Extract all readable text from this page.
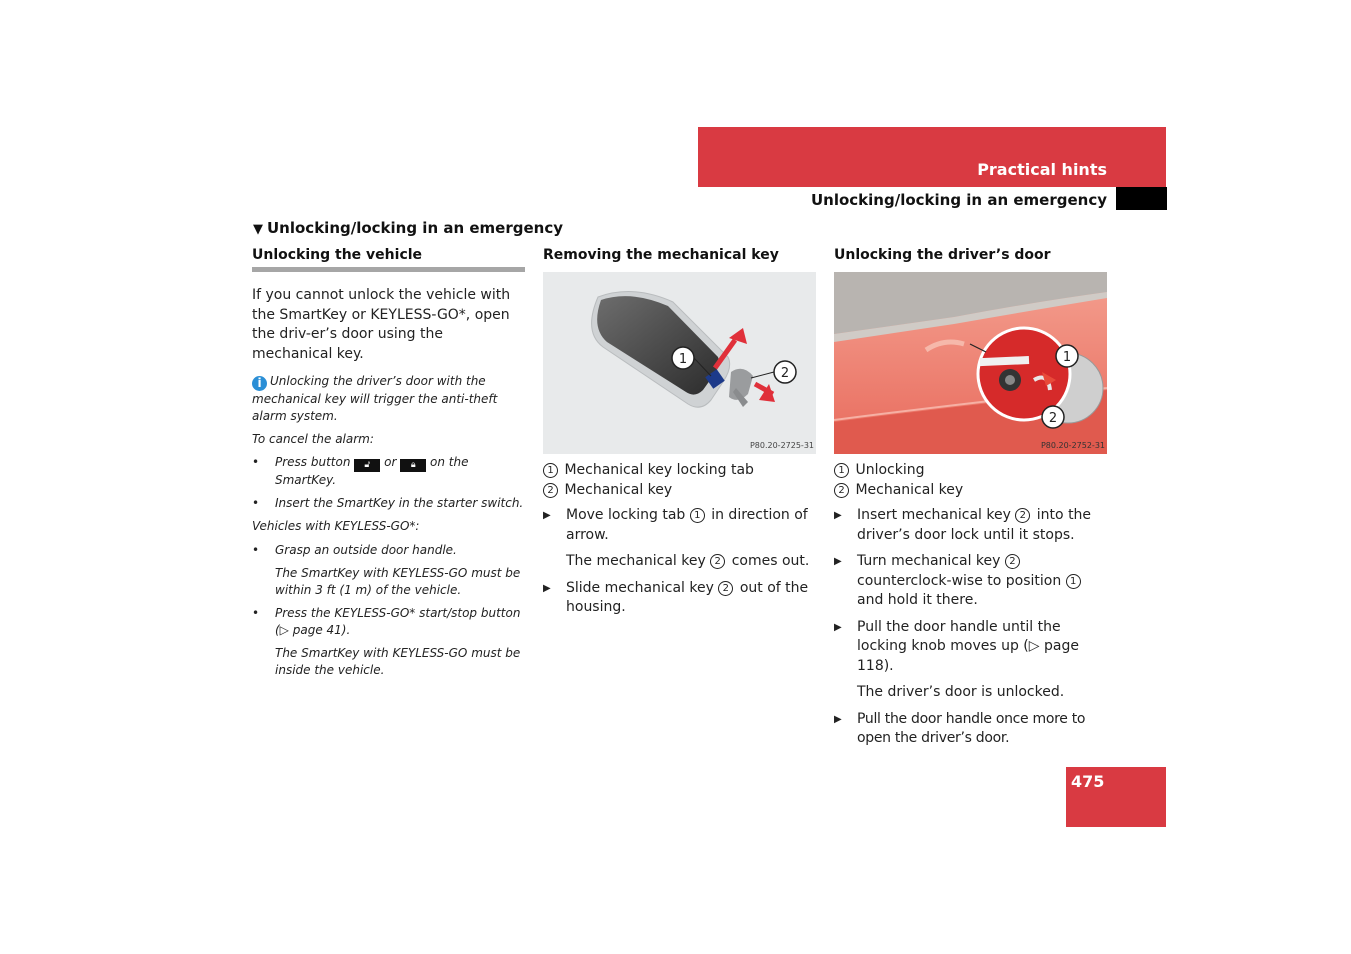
Practical hints
Unlocking/locking in an emergency
▼ Unlocking/locking in an emergency
Unlocking the vehicle
If you cannot unlock the vehicle with the SmartKey or KEYLESS-GO*, open the driv-er’s door using the mechanical key.
i Unlocking the driver’s door with the mechanical key will trigger the anti-theft alarm system.
To cancel the alarm:
• Press button 🔓︎ or 🔒︎ on the SmartKey.
• Insert the SmartKey in the starter switch.
Vehicles with KEYLESS-GO*:
• Grasp an outside door handle.
The SmartKey with KEYLESS-GO must be within 3 ft (1 m) of the vehicle.
• Press the KEYLESS-GO* start/stop button (▷ page 41).
The SmartKey with KEYLESS-GO must be inside the vehicle.
Removing the mechanical key
1
2
P80.20-2725-31
1 Mechanical key locking tab
2 Mechanical key
▶ Move locking tab 1 in direction of arrow.
The mechanical key 2 comes out.
▶ Slide mechanical key 2 out of the housing.
Unlocking the driver’s door
1
2
P80.20-2752-31
1 Unlocking
2 Mechanical key
▶ Insert mechanical key 2 into the driver’s door lock until it stops.
▶ Turn mechanical key 2 counterclock-wise to position 1 and hold it there.
▶ Pull the door handle until the locking knob moves up (▷ page 118).
The driver’s door is unlocked.
▶ Pull the door handle once more to open the driver’s door.
475
